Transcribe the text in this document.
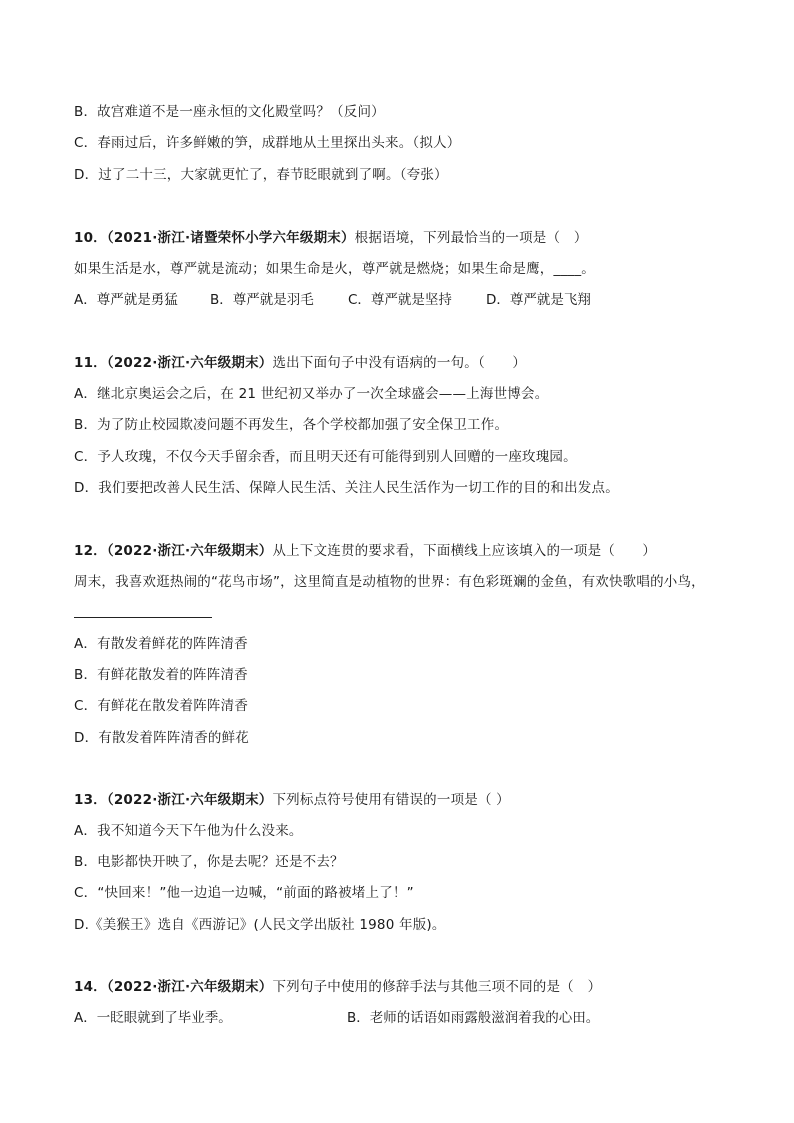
B．故宫难道不是一座永恒的文化殿堂吗？（反问）
C．春雨过后，许多鲜嫩的笋，成群地从土里探出头来。（拟人）
D．过了二十三，大家就更忙了，春节眨眼就到了啊。（夸张）
10．（2021·浙江·诸暨荣怀小学六年级期末）根据语境，下列最恰当的一项是（　）
如果生活是水，尊严就是流动；如果生命是火，尊严就是燃烧；如果生命是鹰，____。
A．尊严就是勇猛 B．尊严就是羽毛	C．尊严就是坚持	D．尊严就是飞翔
11．（2022·浙江·六年级期末）选出下面句子中没有语病的一句。（　　）
A．继北京奥运会之后，在 21 世纪初又举办了一次全球盛会——上海世博会。
B．为了防止校园欺凌问题不再发生，各个学校都加强了安全保卫工作。
C．予人玫瑰，不仅今天手留余香，而且明天还有可能得到别人回赠的一座玫瑰园。
D．我们要把改善人民生活、保障人民生活、关注人民生活作为一切工作的目的和出发点。
12．（2022·浙江·六年级期末）从上下文连贯的要求看，下面横线上应该填入的一项是（　　）
周末，我喜欢逛热闹的“花鸟市场”，这里简直是动植物的世界：有色彩斑斓的金鱼，有欢快歌唱的小鸟，
A．有散发着鲜花的阵阵清香
B．有鲜花散发着的阵阵清香
C．有鲜花在散发着阵阵清香
D．有散发着阵阵清香的鲜花
13．（2022·浙江·六年级期末）下列标点符号使用有错误的一项是（ ）
A．我不知道今天下午他为什么没来。
B．电影都快开映了，你是去呢？还是不去？
C．“快回来！”他一边追一边喊，“前面的路被堵上了！”
D.《美猴王》选自《西游记》(人民文学出版社 1980 年版)。
14．（2022·浙江·六年级期末）下列句子中使用的修辞手法与其他三项不同的是（　）
A．一眨眼就到了毕业季。	B．老师的话语如雨露般滋润着我的心田。
